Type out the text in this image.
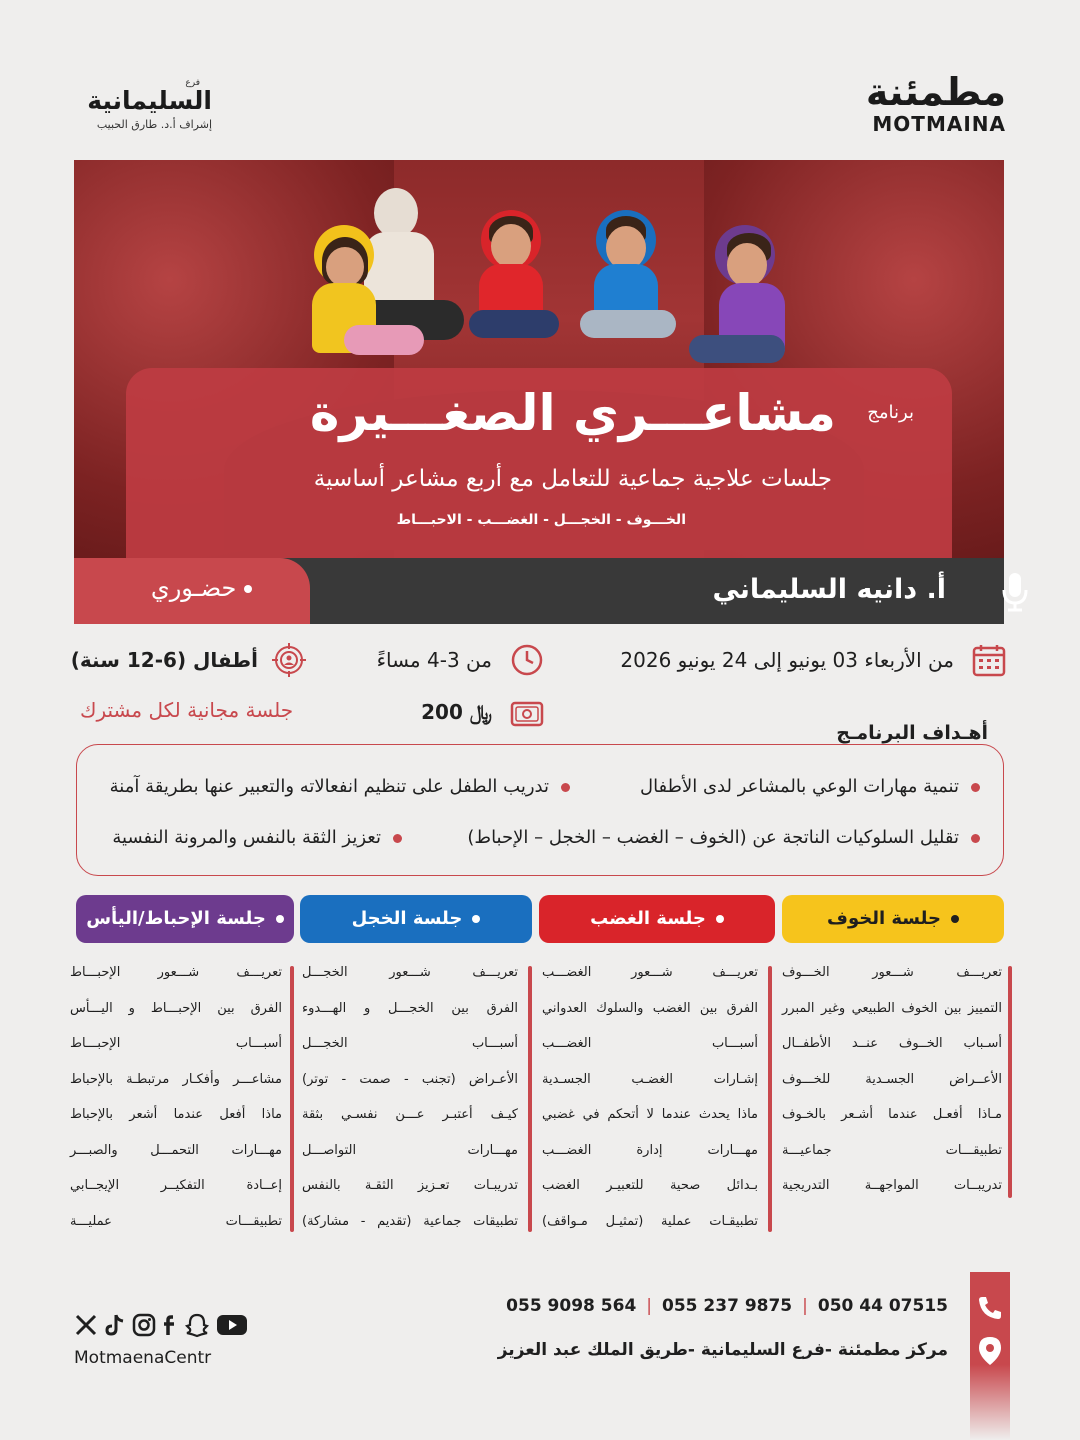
مطمئنة
MOTMAINA
فرع
السليمانية
إشراف أ.د. طارق الحبيب
برنامج
مشاعـــري الصغـــيرة
جلسات علاجية جماعية للتعامل مع أربع مشاعر أساسية
الخـــوف - الخجـــل - الغضـــب - الاحبـــاط
حضـوري	أ. دانيه السليماني
من الأربعاء 03 يونيو إلى 24 يونيو 2026
من 3-4 مساءً
أطفال (6-12 سنة)
200 ﷼
جلسة مجانية لكل مشترك
أهـداف البرنامـج
تنمية مهارات الوعي بالمشاعر لدى الأطفال
تدريب الطفل على تنظيم انفعالاته والتعبير عنها بطريقة آمنة
تقليل السلوكيات الناتجة عن (الخوف – الغضب – الخجل – الإحباط)
تعزيز الثقة بالنفس والمرونة النفسية
جلسة الخوف
جلسة الغضب
جلسة الخجل
جلسة الإحباط/اليأس
تعريـــف شـــعور الخـــوف
التمييز بين الخوف الطبيعي وغير المبرر
أسـباب الخــوف عنــد الأطفــال
الأعــراض الجسـدية للخـــوف
مـاذا أفعـل عندما أشـعر بالخـوف
تطبيقـــات جماعيـــة
تدريبــات المواجهــة التدريجية
تعريـــف شـــعور الغضـــب
الفرق بين الغضب والسلوك العدواني
أسبـــاب الغضـــب
إشـارات الغضـب الجسـدية
ماذا يحدث عندما لا أتحكم في غضبي
مهـــارات إدارة الغضـــب
بـدائل صحية للتعبيـر الغضب
تطبيقـات عملية (تمثيـل مـواقف)
تعريـــف شـــعور الخجـــل
الفرق بين الخجـــل و الهـــدوء
أسبـــاب الخجـــل
الأعـراض (تجنب - صمت - توتر)
كيـف أعتبـر عـــن نفسـي بثقة
مهـــارات التواصـــل
تدريبـات تعـزيز الثقـة بالنفس
تطبيقات جماعية (تقديم - مشاركة)
تعريـــف شـــعور الإحبـــاط
الفرق بين الإحبـــاط و اليـــأس
أسبـــاب الإحبـــاط
مشاعـــر وأفكـار مرتبطـة بالإحباط
ماذا أفعل عندما أشعر بالإحباط
مهـــارات التحمـــل والصبـــر
إعــادة التفكيــر الإيجــابي
تطبيقـــات عمليـــة
055 9098 564 | 055 237 9875 | 050 44 07515
مركز مطمئنة -فرع السليمانية -طريق الملك عبد العزيز
MotmaenaCentr
